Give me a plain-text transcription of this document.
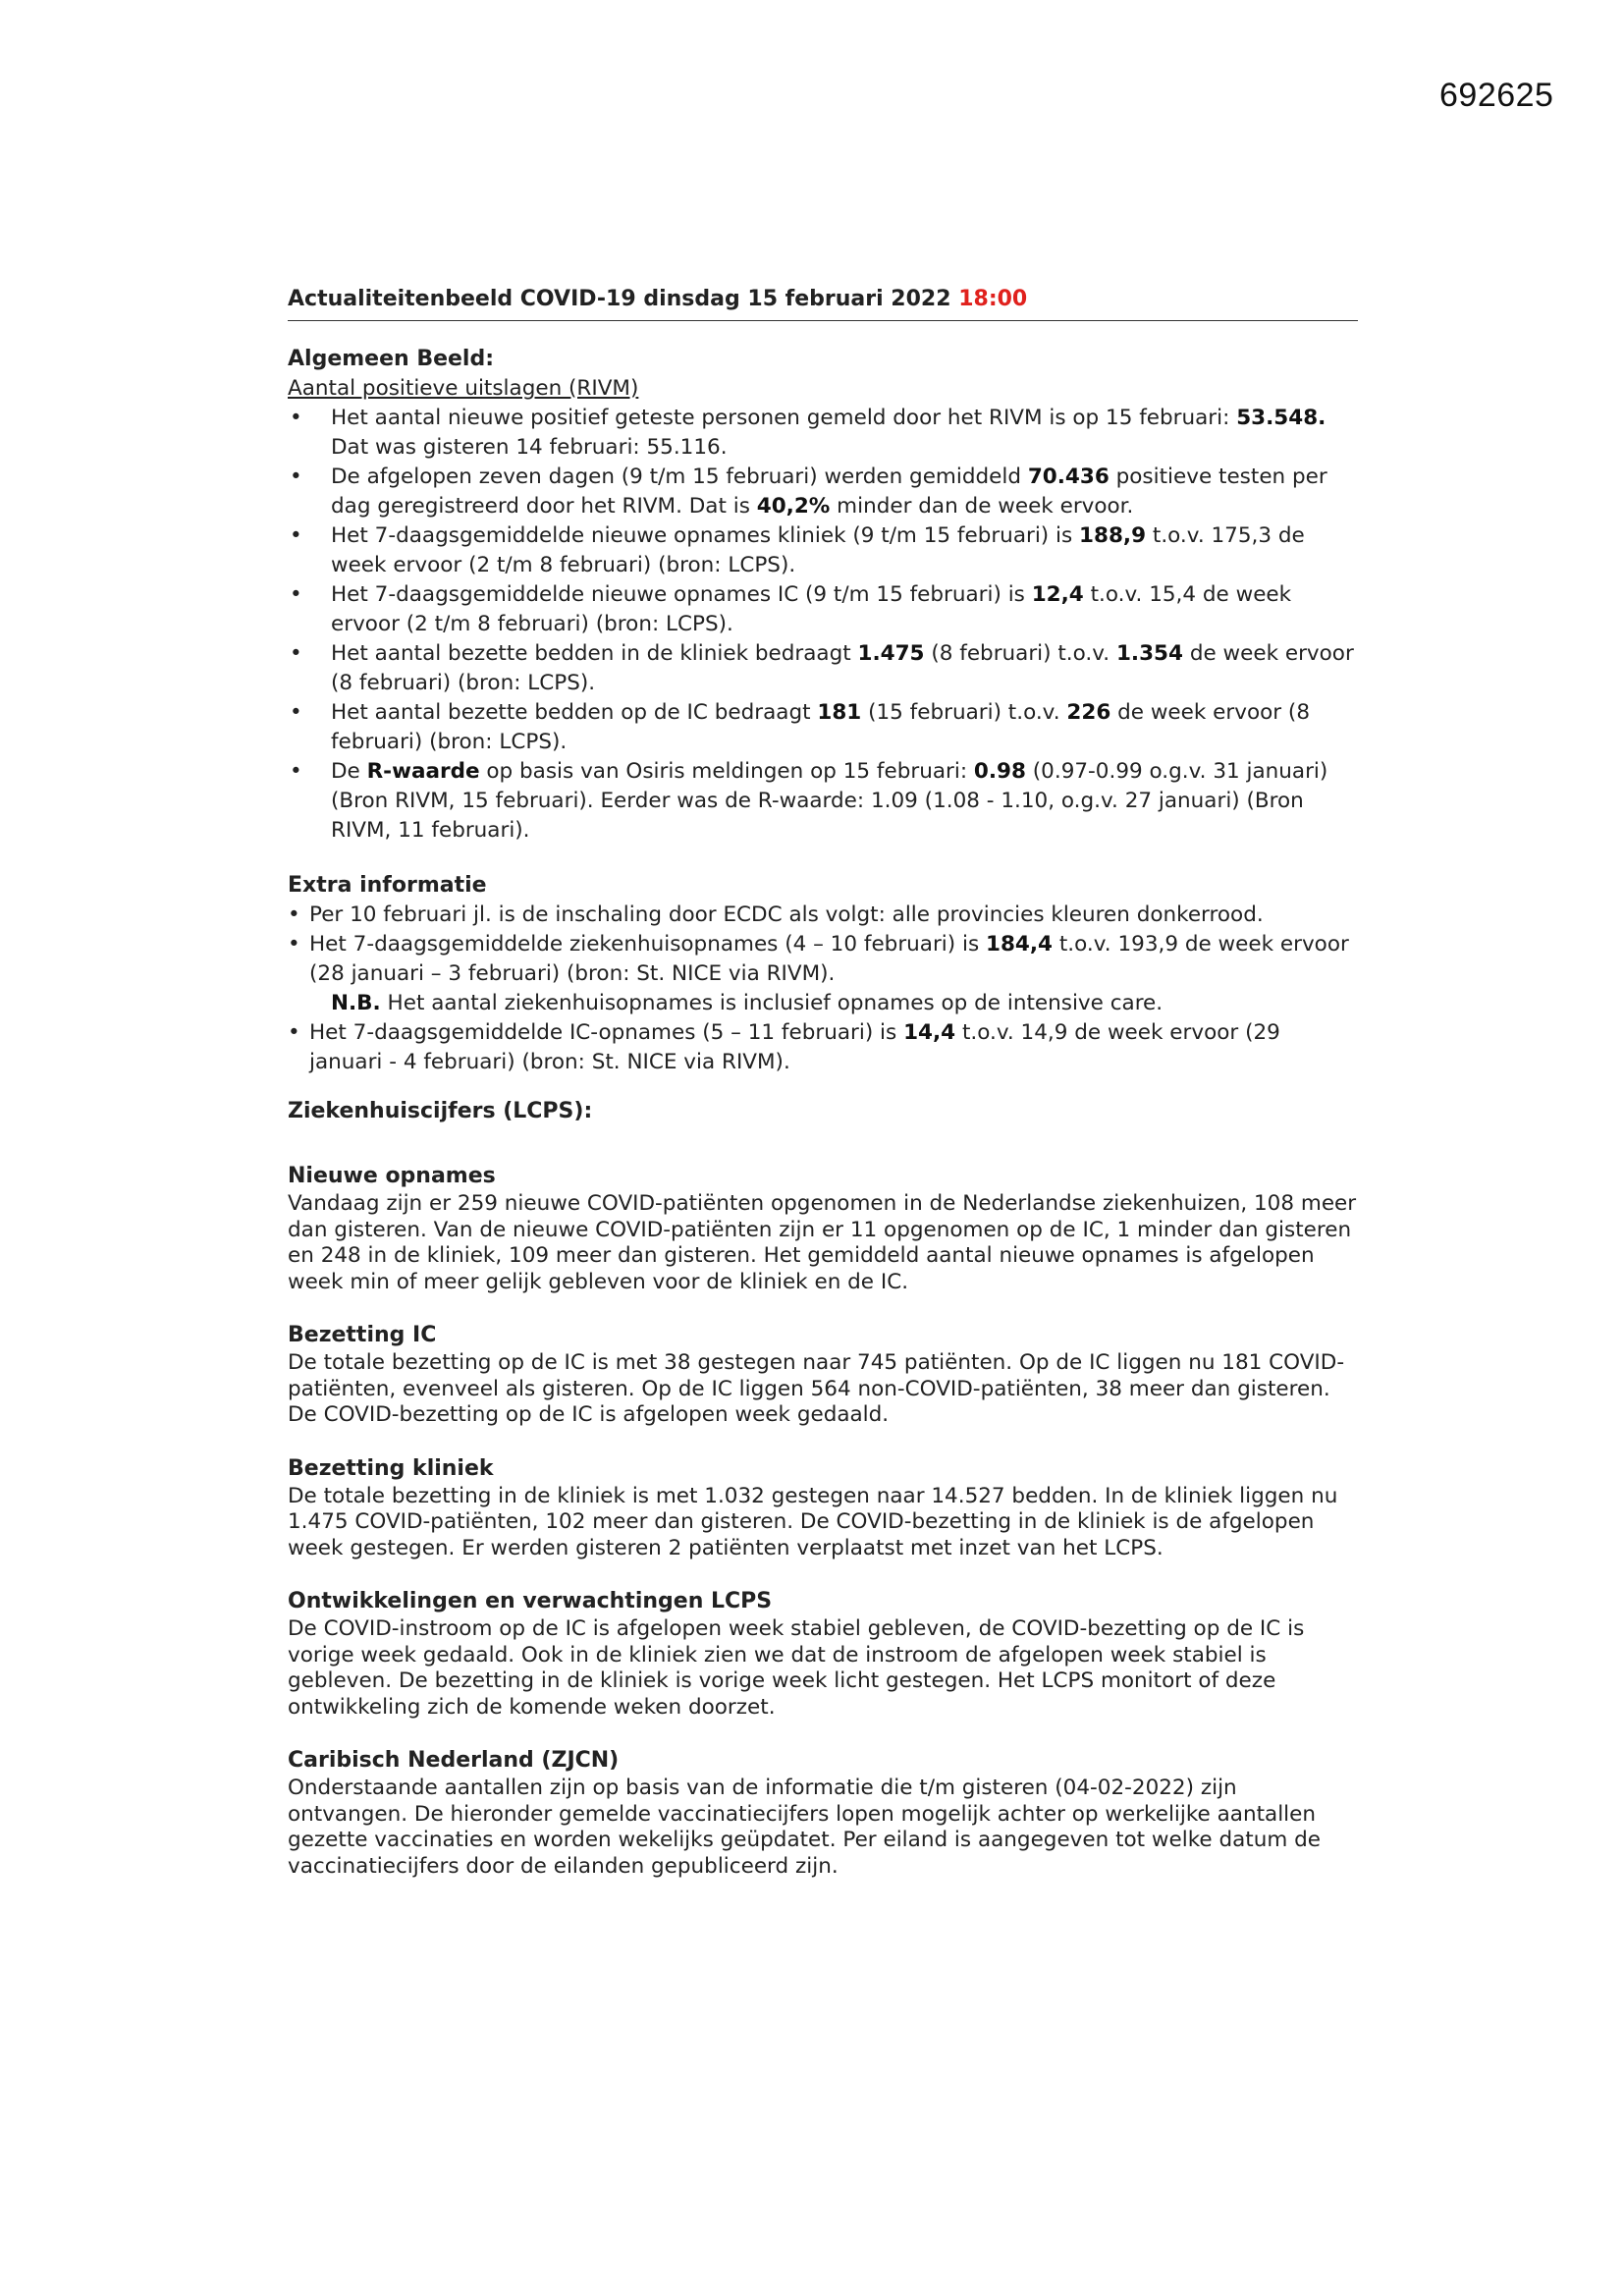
692625
Actualiteitenbeeld COVID-19 dinsdag 15 februari 2022 18:00
Algemeen Beeld:
Aantal positieve uitslagen (RIVM)
• Het aantal nieuwe positief geteste personen gemeld door het RIVM is op 15 februari: 53.548. Dat was gisteren 14 februari: 55.116.
• De afgelopen zeven dagen (9 t/m 15 februari) werden gemiddeld 70.436 positieve testen per dag geregistreerd door het RIVM. Dat is 40,2% minder dan de week ervoor.
• Het 7-daagsgemiddelde nieuwe opnames kliniek (9 t/m 15 februari) is 188,9 t.o.v. 175,3 de week ervoor (2 t/m 8 februari) (bron: LCPS).
• Het 7-daagsgemiddelde nieuwe opnames IC (9 t/m 15 februari) is 12,4 t.o.v. 15,4 de week ervoor (2 t/m 8 februari) (bron: LCPS).
• Het aantal bezette bedden in de kliniek bedraagt 1.475 (8 februari) t.o.v. 1.354 de week ervoor (8 februari) (bron: LCPS).
• Het aantal bezette bedden op de IC bedraagt 181 (15 februari) t.o.v. 226 de week ervoor (8 februari) (bron: LCPS).
• De R-waarde op basis van Osiris meldingen op 15 februari: 0.98 (0.97-0.99 o.g.v. 31 januari) (Bron RIVM, 15 februari). Eerder was de R-waarde: 1.09 (1.08 - 1.10, o.g.v. 27 januari) (Bron RIVM, 11 februari).
Extra informatie
• Per 10 februari jl. is de inschaling door ECDC als volgt: alle provincies kleuren donkerrood.
• Het 7-daagsgemiddelde ziekenhuisopnames (4 – 10 februari) is 184,4 t.o.v. 193,9 de week ervoor (28 januari – 3 februari) (bron: St. NICE via RIVM).
N.B. Het aantal ziekenhuisopnames is inclusief opnames op de intensive care.
• Het 7-daagsgemiddelde IC-opnames (5 – 11 februari) is 14,4 t.o.v. 14,9 de week ervoor (29 januari - 4 februari) (bron: St. NICE via RIVM).
Ziekenhuiscijfers (LCPS):
Nieuwe opnames
Vandaag zijn er 259 nieuwe COVID-patiënten opgenomen in de Nederlandse ziekenhuizen, 108 meer dan gisteren. Van de nieuwe COVID-patiënten zijn er 11 opgenomen op de IC, 1 minder dan gisteren en 248 in de kliniek, 109 meer dan gisteren. Het gemiddeld aantal nieuwe opnames is afgelopen week min of meer gelijk gebleven voor de kliniek en de IC.
Bezetting IC
De totale bezetting op de IC is met 38 gestegen naar 745 patiënten. Op de IC liggen nu 181 COVID-patiënten, evenveel als gisteren. Op de IC liggen 564 non-COVID-patiënten, 38 meer dan gisteren. De COVID-bezetting op de IC is afgelopen week gedaald.
Bezetting kliniek
De totale bezetting in de kliniek is met 1.032 gestegen naar 14.527 bedden. In de kliniek liggen nu 1.475 COVID-patiënten, 102 meer dan gisteren. De COVID-bezetting in de kliniek is de afgelopen week gestegen. Er werden gisteren 2 patiënten verplaatst met inzet van het LCPS.
Ontwikkelingen en verwachtingen LCPS
De COVID-instroom op de IC is afgelopen week stabiel gebleven, de COVID-bezetting op de IC is vorige week gedaald. Ook in de kliniek zien we dat de instroom de afgelopen week stabiel is gebleven. De bezetting in de kliniek is vorige week licht gestegen. Het LCPS monitort of deze ontwikkeling zich de komende weken doorzet.
Caribisch Nederland (ZJCN)
Onderstaande aantallen zijn op basis van de informatie die t/m gisteren (04-02-2022) zijn ontvangen. De hieronder gemelde vaccinatiecijfers lopen mogelijk achter op werkelijke aantallen gezette vaccinaties en worden wekelijks geüpdatet. Per eiland is aangegeven tot welke datum de vaccinatiecijfers door de eilanden gepubliceerd zijn.
